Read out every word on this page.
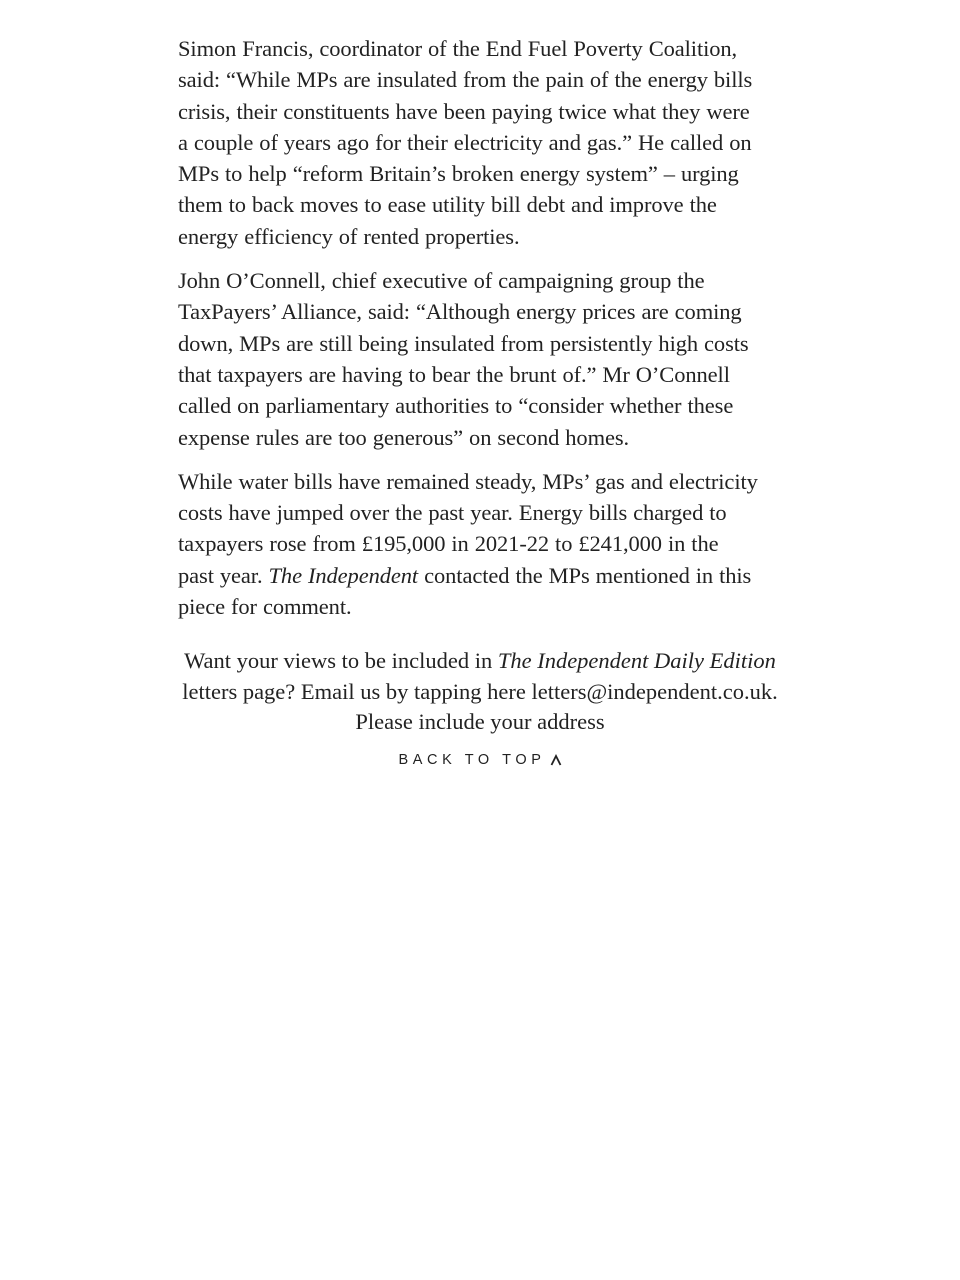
Simon Francis, coordinator of the End Fuel Poverty Coalition,
said: “While MPs are insulated from the pain of the energy bills
crisis, their constituents have been paying twice what they were
a couple of years ago for their electricity and gas.” He called on
MPs to help “reform Britain’s broken energy system” – urging
them to back moves to ease utility bill debt and improve the
energy efficiency of rented properties.

John O’Connell, chief executive of campaigning group the
TaxPayers’ Alliance, said: “Although energy prices are coming
down, MPs are still being insulated from persistently high costs
that taxpayers are having to bear the brunt of.” Mr O’Connell
called on parliamentary authorities to “consider whether these
expense rules are too generous” on second homes.

While water bills have remained steady, MPs’ gas and electricity
costs have jumped over the past year. Energy bills charged to
taxpayers rose from £195,000 in 2021-22 to £241,000 in the
past year. The Independent contacted the MPs mentioned in this
piece for comment.

Want your views to be included in The Independent Daily Edition
letters page? Email us by tapping here letters@independent.co.uk.
Please include your address
BACK TO TOP
